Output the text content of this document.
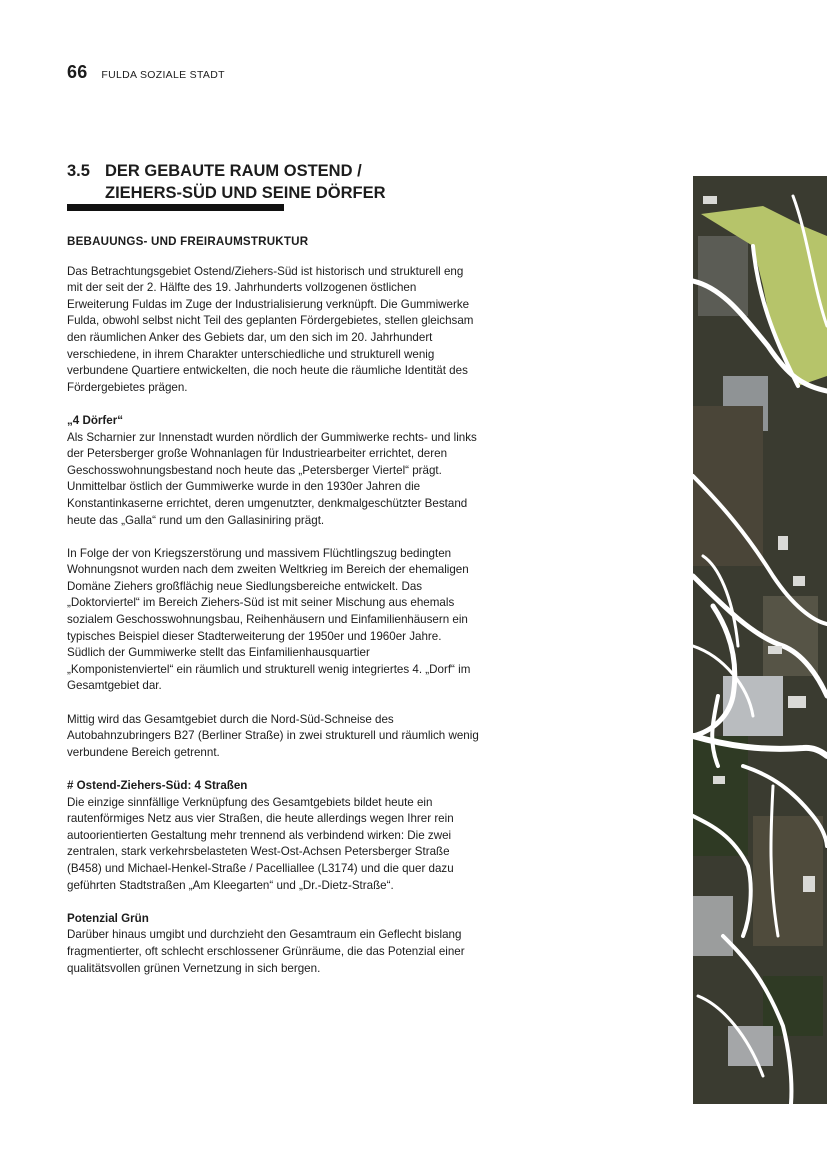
66 FULDA SOZIALE STADT
3.5 DER GEBAUTE RAUM OSTEND / ZIEHERS-SÜD UND SEINE DÖRFER
BEBAUUNGS- UND FREIRAUMSTRUKTUR

Das Betrachtungsgebiet Ostend/Ziehers-Süd ist historisch und strukturell eng mit der seit der 2. Hälfte des 19. Jahrhunderts vollzogenen östlichen Erweiterung Fuldas im Zuge der Industrialisierung verknüpft. Die Gummiwerke Fulda, obwohl selbst nicht Teil des geplanten Fördergebietes, stellen gleichsam den räumlichen Anker des Gebiets dar, um den sich im 20. Jahrhundert verschiedene, in ihrem Charakter unterschiedliche und strukturell wenig verbundene Quartiere entwickelten, die noch heute die räumliche Identität des Fördergebietes prägen.

„4 Dörfer“
Als Scharnier zur Innenstadt wurden nördlich der Gummiwerke rechts- und links der Petersberger große Wohnanlagen für Industriearbeiter errichtet, deren Geschosswohnungsbestand noch heute das „Petersberger Viertel“ prägt. Unmittelbar östlich der Gummiwerke wurde in den 1930er Jahren die Konstantinkaserne errichtet, deren umgenutzter, denkmalgeschützter Bestand heute das „Galla“ rund um den Gallasiniring prägt.

In Folge der von Kriegszerstörung und massivem Flüchtlingszug bedingten Wohnungsnot wurden nach dem zweiten Weltkrieg im Bereich der ehemaligen Domäne Ziehers großflächig neue Siedlungsbereiche entwickelt. Das „Doktorviertel“ im Bereich Ziehers-Süd ist mit seiner Mischung aus ehemals sozialem Geschosswohnungsbau, Reihenhäusern und Einfamilienhäusern ein typisches Beispiel dieser Stadterweiterung der 1950er und 1960er Jahre. Südlich der Gummiwerke stellt das Einfamilienhausquartier „Komponistenviertel“ ein räumlich und strukturell wenig integriertes 4. „Dorf“ im Gesamtgebiet dar.

Mittig wird das Gesamtgebiet durch die Nord-Süd-Schneise des Autobahnzubringers B27 (Berliner Straße) in zwei strukturell und räumlich wenig verbundene Bereich getrennt.

# Ostend-Ziehers-Süd: 4 Straßen
Die einzige sinnfällige Verknüpfung des Gesamtgebiets bildet heute ein rautenförmiges Netz aus vier Straßen, die heute allerdings wegen Ihrer rein autoorientierten Gestaltung mehr trennend als verbindend wirken: Die zwei zentralen, stark verkehrsbelasteten West-Ost-Achsen Petersberger Straße (B458) und Michael-Henkel-Straße / Pacelliallee (L3174) und die quer dazu geführten Stadtstraßen „Am Kleegarten“ und „Dr.-Dietz-Straße“.

Potenzial Grün
Darüber hinaus umgibt und durchzieht den Gesamtraum ein Geflecht bislang fragmentierter, oft schlecht erschlossener Grünräume, die das Potenzial einer qualitätsvollen grünen Vernetzung in sich bergen.
